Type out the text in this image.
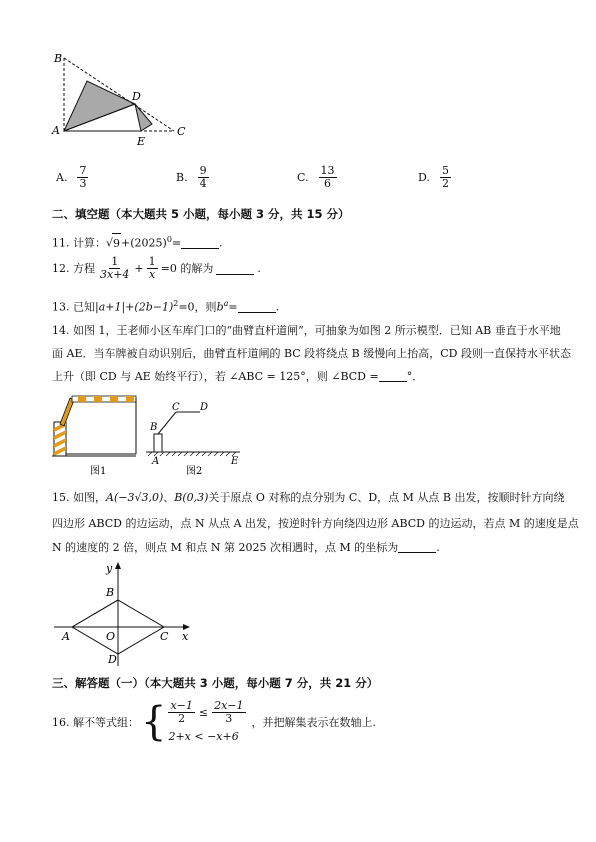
B
D
A
E
C
A. $\frac{7}{3}$	B. $\frac{9}{4}$	C. $\frac{13}{6}$	D. $\frac{5}{2}$
二、填空题（本大题共 5 小题，每小题 3 分，共 15 分）
11. 计算：$√9+(2025)^0=$	.
12. 方程 $\frac{1}{3x+4} + \frac{1}{x} =0$ 的解为	.
13. 已知$|a+1|+(2b-1)^2=0$，则$b^a=$	.
14. 如图 1，王老师小区车库门口的“曲臂直杆道闸”，可抽象为如图 2 所示模型．已知 AB 垂直于水平地
面 AE．当车牌被自动识别后，曲臂直杆道闸的 BC 段将绕点 B 缓慢向上抬高，CD 段则一直保持水平状态
上升（即 CD 与 AE 始终平行），若 ∠ABC = 125°，则 ∠BCD =	°．
图1
C D
B
A	E
图2
15. 如图，A(−3√3,0)、B(0,3)关于原点 O 对称的点分别为 C、D，点 M 从点 B 出发，按顺时针方向绕
四边形 ABCD 的边运动，点 N 从点 A 出发，按逆时针方向绕四边形 ABCD 的边运动，若点 M 的速度是点
N 的速度的 2 倍，则点 M 和点 N 第 2025 次相遇时，点 M 的坐标为	.
y
B
A	O	C x
D
三、解答题（一）（本大题共 3 小题，每小题 7 分，共 21 分）
16. 解不等式组： { $\frac{x-1}{2} \le \frac{2x-1}{3}$
2+x < −x+6
，并把解集表示在数轴上.
